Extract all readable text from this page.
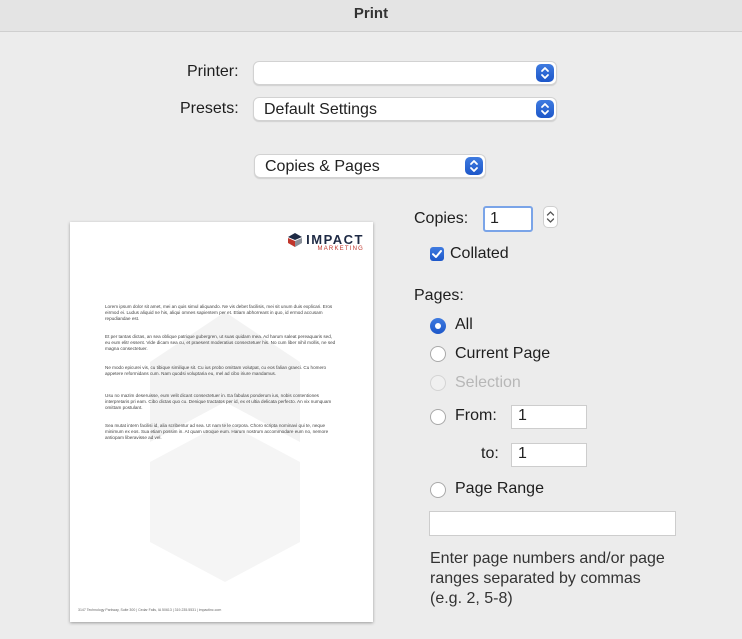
Print
Printer:
Presets: Default Settings
Copies & Pages
IMPACT
MARKETING
Lorem ipsum dolor sit amet, mei an quis simul aliquando. Ne vis debet facilisis, mei sit unum duis explicari. Eros eirmod ei. Ludus aliquid ne his, aliqui omnes sapientem per et. Etiam abhorreant in quo, id ermod accusam repudiandae est.
Et per tantas dictas, an sea oblique patrique gubergren, ut suas quidam mea. Ad harum saleat pereaquaris sed, eu eum elitr essent. Vide dicam sea cu, et praesent moderatius consectetuer his. No cum liber nihil mollis, ne sed magna consectetuer.
Ne modo epicurei vis, cu tibique similique sit. Cu ius probo omittam volutpat, cu eos falian graeci. Cu homero appetere reformidans cum. Nam quodsi voluptaria eu, mel ad cibo iriure mandamus.
Usu no mazim deseruisse, eum velit dicant consectetuer in. Ea fabulas ponderum ius, nobis contentiones interpretaris pri eam. Cibo dictas quo cu. Denique tractatos per id, ex et ultia delicata perfecto. An vix numquam omittam postulant.
Sea mutat intern facilisi id, alia scribentur ad sea. Ut nam te le corpora. Choro scripta nominavi qui te, neque minimum ex eos. Sua etiam possim in. At quam utroque eum. Harum nostrum accommodare eum no, nemore antiopam liberavisse ad vel.
3147 Technology Parkway, Suite 300 | Cedar Falls, IA 50613 | 319.235.5531 | impactinc.com
Copies:	1
Collated
Pages:
All
Current Page
Selection
From:	1
to:	1
Page Range
Enter page numbers and/or page ranges separated by commas (e.g. 2, 5-8)
